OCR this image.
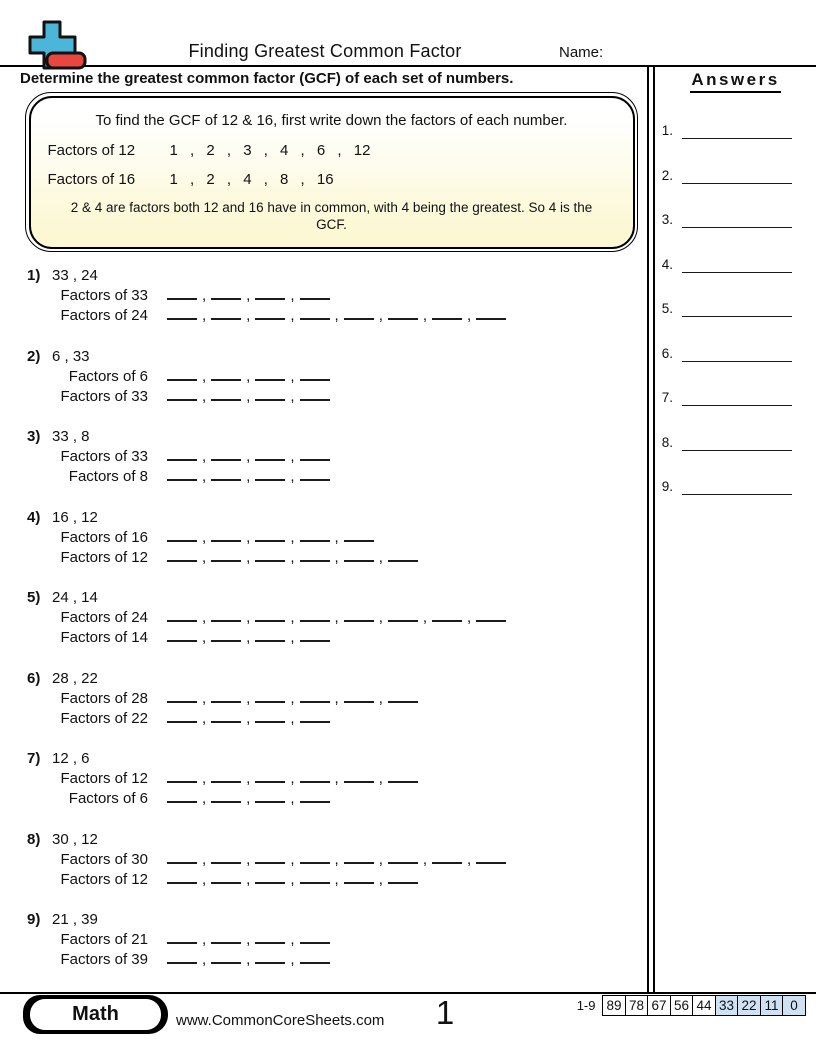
Finding Greatest Common Factor	Name:
Determine the greatest common factor (GCF) of each set of numbers.
To find the GCF of 12 & 16, first write down the factors of each number.
Factors of 12 1 , 2 , 3 , 4 , 6 , 12
Factors of 16 1 , 2 , 4 , 8 , 16
2 & 4 are factors both 12 and 16 have in common, with 4 being the greatest. So 4 is the GCF.
1) 33 , 24
Factors of 33	,	,	,
Factors of 24	,	,	,	,	,	,	,
2) 6 , 33
Factors of 6	,	,	,
Factors of 33	,	,	,
3) 33 , 8
Factors of 33	,	,	,
Factors of 8	,	,	,
4) 16 , 12
Factors of 16	,	,	,	,
Factors of 12	,	,	,	,	,
5) 24 , 14
Factors of 24	,	,	,	,	,	,	,
Factors of 14	,	,	,
6) 28 , 22
Factors of 28	,	,	,	,	,
Factors of 22	,	,	,
7) 12 , 6
Factors of 12	,	,	,	,	,
Factors of 6	,	,	,
8) 30 , 12
Factors of 30	,	,	,	,	,	,	,
Factors of 12	,	,	,	,	,
9) 21 , 39
Factors of 21	,	,	,
Factors of 39	,	,	,
Answers
1.
2.
3.
4.
5.
6.
7.
8.
9.
Math	www.CommonCoreSheets.com	1	1-9 89 78 67 56 44 33 22 11 0
